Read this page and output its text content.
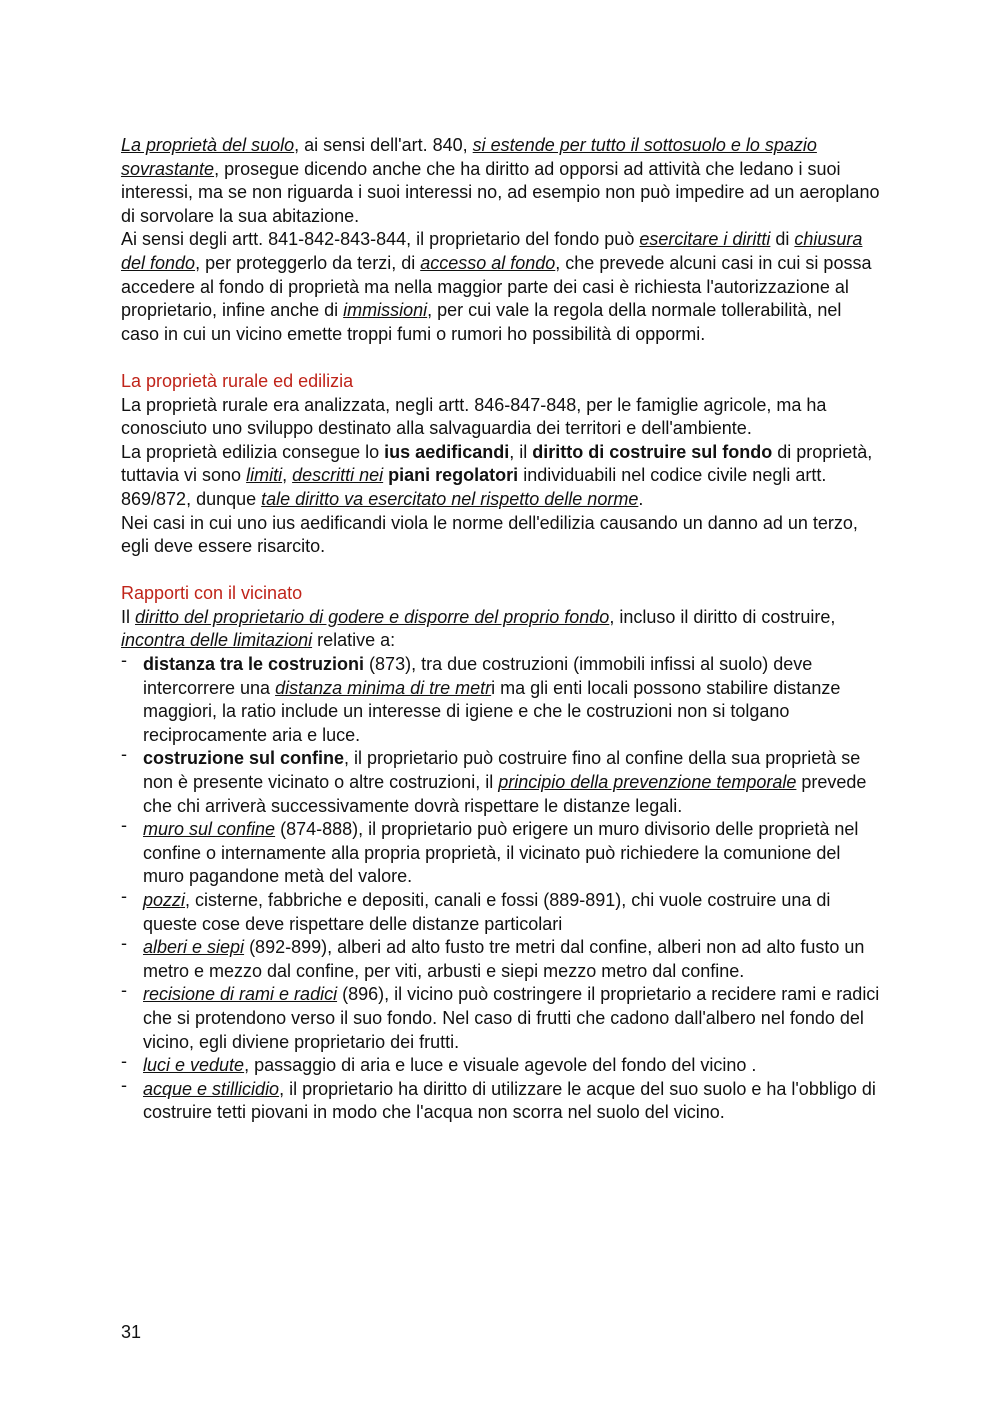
La proprietà del suolo, ai sensi dell'art. 840, si estende per tutto il sottosuolo e lo spazio sovrastante, prosegue dicendo anche che ha diritto ad opporsi ad attività che ledano i suoi interessi, ma se non riguarda i suoi interessi no, ad esempio non può impedire ad un aeroplano di sorvolare la sua abitazione.

Ai sensi degli artt. 841-842-843-844, il proprietario del fondo può esercitare i diritti di chiusura del fondo, per proteggerlo da terzi, di accesso al fondo, che prevede alcuni casi in cui si possa accedere al fondo di proprietà ma nella maggior parte dei casi è richiesta l'autorizzazione al proprietario, infine anche di immissioni, per cui vale la regola della normale tollerabilità, nel caso in cui un vicino emette troppi fumi o rumori ho possibilità di oppormi.

La proprietà rurale ed edilizia

La proprietà rurale era analizzata, negli artt. 846-847-848, per le famiglie agricole, ma ha conosciuto uno sviluppo destinato alla salvaguardia dei territori e dell'ambiente.

La proprietà edilizia consegue lo ius aedificandi, il diritto di costruire sul fondo di proprietà, tuttavia vi sono limiti, descritti nei piani regolatori individuabili nel codice civile negli artt. 869/872, dunque tale diritto va esercitato nel rispetto delle norme.

Nei casi in cui uno ius aedificandi viola le norme dell'edilizia causando un danno ad un terzo, egli deve essere risarcito.

Rapporti con il vicinato

Il diritto del proprietario di godere e disporre del proprio fondo, incluso il diritto di costruire, incontra delle limitazioni relative a:

- distanza tra le costruzioni (873), tra due costruzioni (immobili infissi al suolo) deve intercorrere una distanza minima di tre metri ma gli enti locali possono stabilire distanze maggiori, la ratio include un interesse di igiene e che le costruzioni non si tolgano reciprocamente aria e luce.
- costruzione sul confine, il proprietario può costruire fino al confine della sua proprietà se non è presente vicinato o altre costruzioni, il principio della prevenzione temporale prevede che chi arriverà successivamente dovrà rispettare le distanze legali.
- muro sul confine (874-888), il proprietario può erigere un muro divisorio delle proprietà nel confine o internamente alla propria proprietà, il vicinato può richiedere la comunione del muro pagandone metà del valore.
- pozzi, cisterne, fabbriche e depositi, canali e fossi (889-891), chi vuole costruire una di queste cose deve rispettare delle distanze particolari
- alberi e siepi (892-899), alberi ad alto fusto tre metri dal confine, alberi non ad alto fusto un metro e mezzo dal confine, per viti, arbusti e siepi mezzo metro dal confine.
- recisione di rami e radici (896), il vicino può costringere il proprietario a recidere rami e radici che si protendono verso il suo fondo. Nel caso di frutti che cadono dall'albero nel fondo del vicino, egli diviene proprietario dei frutti.
- luci e vedute, passaggio di aria e luce e visuale agevole del fondo del vicino .
- acque e stillicidio, il proprietario ha diritto di utilizzare le acque del suo suolo e ha l'obbligo di costruire tetti piovani in modo che l'acqua non scorra nel suolo del vicino.
31
